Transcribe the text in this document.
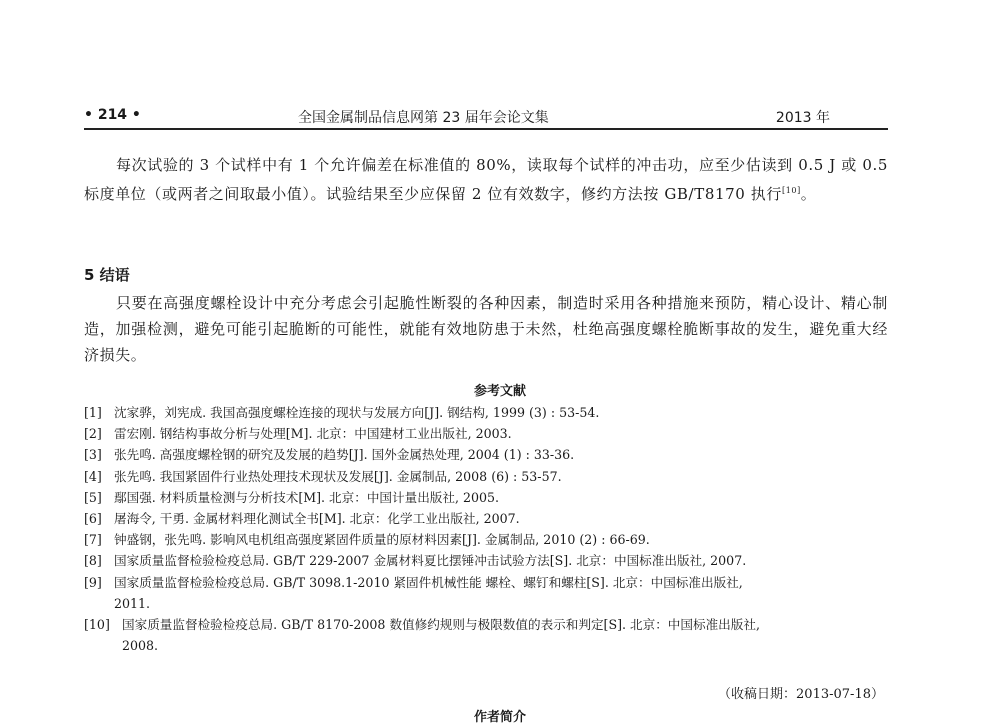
• 214 •	全国金属制品信息网第 23 届年会论文集	2013 年
每次试验的 3 个试样中有 1 个允许偏差在标准值的 80%，读取每个试样的冲击功，应至少估读到 0.5 J 或 0.5 标度单位（或两者之间取最小值）。试验结果至少应保留 2 位有效数字，修约方法按 GB/T8170 执行[10]。
5 结语
只要在高强度螺栓设计中充分考虑会引起脆性断裂的各种因素，制造时采用各种措施来预防，精心设计、精心制造，加强检测，避免可能引起脆断的可能性，就能有效地防患于未然，杜绝高强度螺栓脆断事故的发生，避免重大经济损失。
参考文献
[1] 沈家骅，刘宪成. 我国高强度螺栓连接的现状与发展方向[J]. 钢结构, 1999 (3) : 53-54.
[2] 雷宏刚. 钢结构事故分析与处理[M]. 北京：中国建材工业出版社, 2003.
[3] 张先鸣. 高强度螺栓钢的研究及发展的趋势[J]. 国外金属热处理, 2004 (1) : 33-36.
[4] 张先鸣. 我国紧固件行业热处理技术现状及发展[J]. 金属制品, 2008 (6) : 53-57.
[5] 鄢国强. 材料质量检测与分析技术[M]. 北京：中国计量出版社, 2005.
[6] 屠海令, 干勇. 金属材料理化测试全书[M]. 北京：化学工业出版社, 2007.
[7] 钟盛钢，张先鸣. 影响风电机组高强度紧固件质量的原材料因素[J]. 金属制品, 2010 (2) : 66-69.
[8] 国家质量监督检验检疫总局. GB/T 229-2007 金属材料夏比摆锤冲击试验方法[S]. 北京：中国标准出版社, 2007.
[9] 国家质量监督检验检疫总局. GB/T 3098.1-2010 紧固件机械性能 螺栓、螺钉和螺柱[S]. 北京：中国标准出版社,
2011.
[10] 国家质量监督检验检疫总局. GB/T 8170-2008 数值修约规则与极限数值的表示和判定[S]. 北京：中国标准出版社,
2008.
（收稿日期：2013-07-18）
作者简介
